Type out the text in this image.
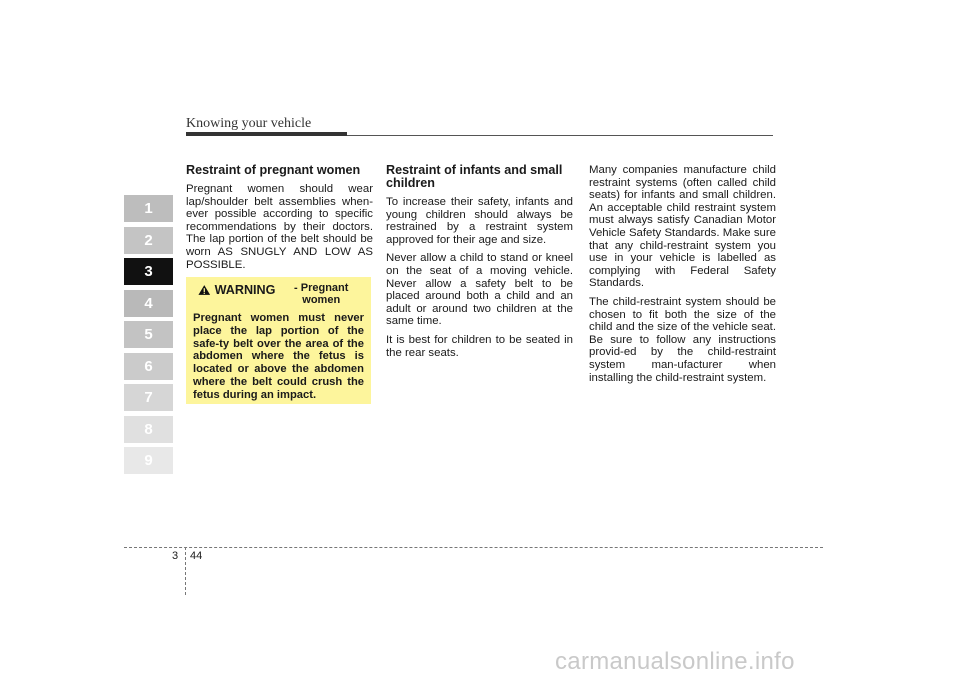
Knowing your vehicle
1
2
3
4
5
6
7
8
9
Restraint of pregnant women
Pregnant women should wear lap/shoulder belt assemblies when-ever possible according to specific recommendations by their doctors. The lap portion of the belt should be worn AS SNUGLY AND LOW AS POSSIBLE.
WARNING	- Pregnant women
Pregnant women must never place the lap portion of the safe-ty belt over the area of the abdomen where the fetus is located or above the abdomen where the belt could crush the fetus during an impact.
Restraint of infants and small children
To increase their safety, infants and young children should always be restrained by a restraint system approved for their age and size.
Never allow a child to stand or kneel on the seat of a moving vehicle. Never allow a safety belt to be placed around both a child and an adult or around two children at the same time.
It is best for children to be seated in the rear seats.
Many companies manufacture child restraint systems (often called child seats) for infants and small children. An acceptable child restraint system must always satisfy Canadian Motor Vehicle Safety Standards. Make sure that any child-restraint system you use in your vehicle is labelled as complying with Federal Safety Standards.
The child-restraint system should be chosen to fit both the size of the child and the size of the vehicle seat. Be sure to follow any instructions provid-ed by the child-restraint system man-ufacturer when installing the child-restraint system.
3 44
carmanualsonline.info
